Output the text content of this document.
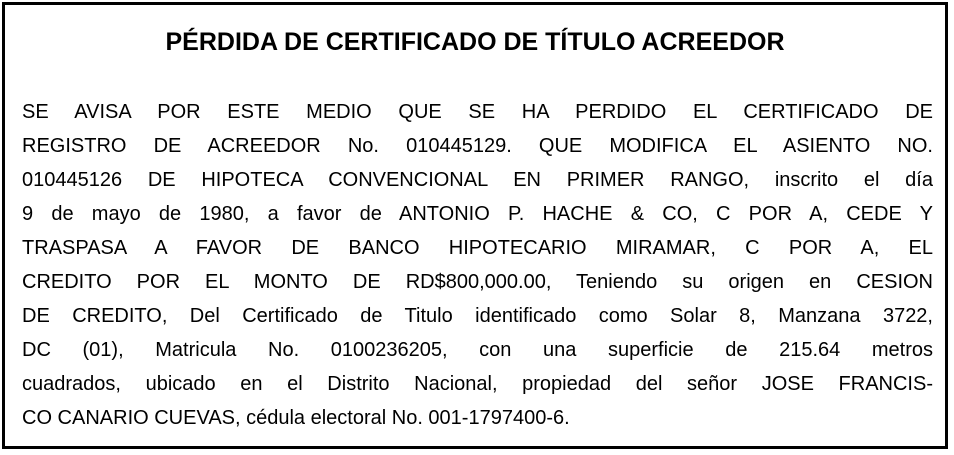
PÉRDIDA DE CERTIFICADO DE TÍTULO ACREEDOR
SE AVISA POR ESTE MEDIO QUE SE HA PERDIDO EL CERTIFICADO DE
REGISTRO DE ACREEDOR No. 010445129. QUE MODIFICA EL ASIENTO NO.
010445126 DE HIPOTECA CONVENCIONAL EN PRIMER RANGO, inscrito el día
9 de mayo de 1980, a favor de ANTONIO P. HACHE & CO, C POR A, CEDE Y
TRASPASA A FAVOR DE BANCO HIPOTECARIO MIRAMAR, C POR A, EL
CREDITO POR EL MONTO DE RD$800,000.00, Teniendo su origen en CESION
DE CREDITO, Del Certificado de Titulo identificado como Solar 8, Manzana 3722,
DC (01), Matricula No. 0100236205, con una superficie de 215.64 metros
cuadrados, ubicado en el Distrito Nacional, propiedad del señor JOSE FRANCIS-
CO CANARIO CUEVAS, cédula electoral No. 001-1797400-6.
